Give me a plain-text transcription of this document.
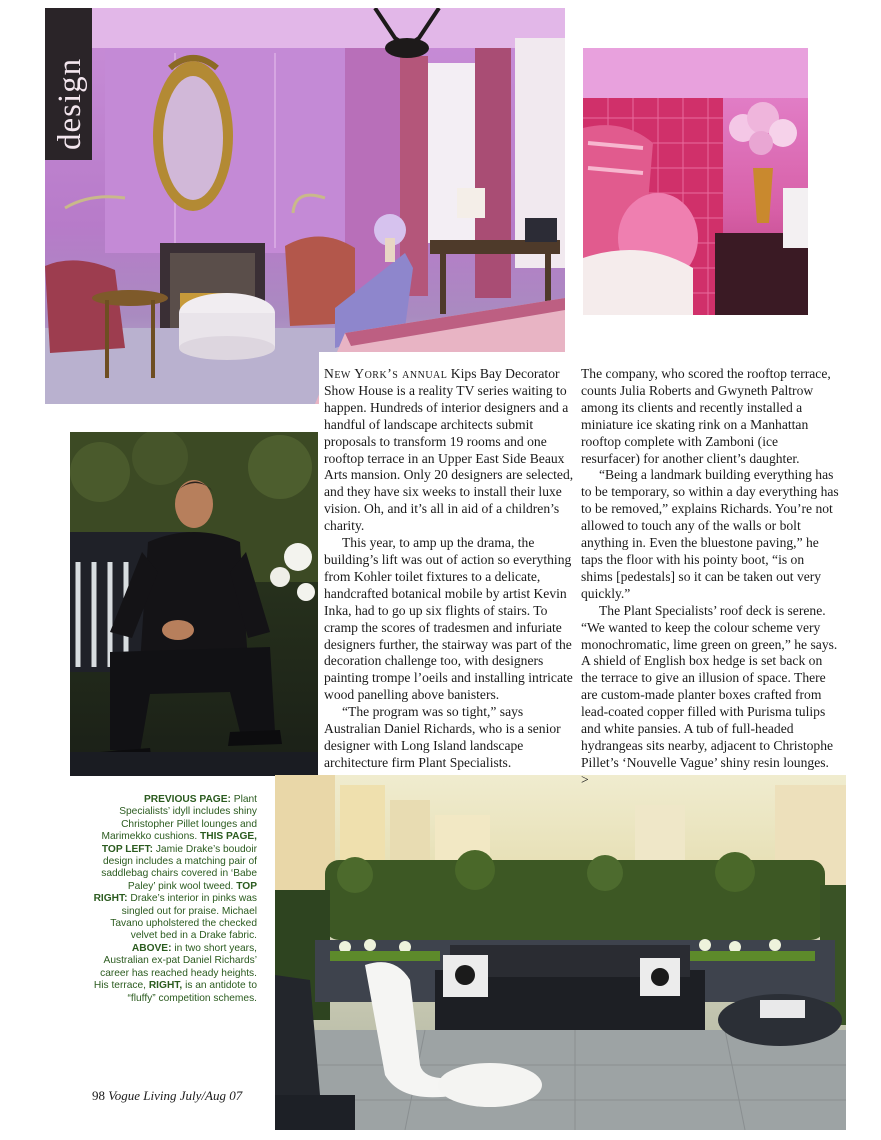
design

New York’s annual Kips Bay Decorator Show House is a reality TV series waiting to happen. Hundreds of interior designers and a handful of landscape architects submit proposals to transform 19 rooms and one rooftop terrace in an Upper East Side Beaux Arts mansion. Only 20 designers are selected, and they have six weeks to install their luxe vision. Oh, and it’s all in aid of a children’s charity.

This year, to amp up the drama, the building’s lift was out of action so everything from Kohler toilet fixtures to a delicate, handcrafted botanical mobile by artist Kevin Inka, had to go up six flights of stairs. To cramp the scores of tradesmen and infuriate designers further, the stairway was part of the decoration challenge too, with designers painting trompe l’oeils and installing intricate wood panelling above banisters.

“The program was so tight,” says Australian Daniel Richards, who is a senior designer with Long Island landscape architecture firm Plant Specialists.

The company, who scored the rooftop terrace, counts Julia Roberts and Gwyneth Paltrow among its clients and recently installed a miniature ice skating rink on a Manhattan rooftop complete with Zamboni (ice resurfacer) for another client’s daughter.

“Being a landmark building everything has to be temporary, so within a day everything has to be removed,” explains Richards. You’re not allowed to touch any of the walls or bolt anything in. Even the bluestone paving,” he taps the floor with his pointy boot, “is on shims [pedestals] so it can be taken out very quickly.”

The Plant Specialists’ roof deck is serene. “We wanted to keep the colour scheme very monochromatic, lime green on green,” he says. A shield of English box hedge is set back on the terrace to give an illusion of space. There are custom-made planter boxes crafted from lead-coated copper filled with Purisma tulips and white pansies. A tub of full-headed hydrangeas sits nearby, adjacent to Christophe Pillet’s ‘Nouvelle Vague’ shiny resin lounges. >

PREVIOUS PAGE: Plant Specialists’ idyll includes shiny Christopher Pillet lounges and Marimekko cushions. THIS PAGE, TOP LEFT: Jamie Drake’s boudoir design includes a matching pair of saddlebag chairs covered in ‘Babe Paley’ pink wool tweed. TOP RIGHT: Drake’s interior in pinks was singled out for praise. Michael Tavano upholstered the checked velvet bed in a Drake fabric. ABOVE: in two short years, Australian ex-pat Daniel Richards’ career has reached heady heights. His terrace, RIGHT, is an antidote to “fluffy” competition schemes.
98 Vogue Living July/Aug 07
